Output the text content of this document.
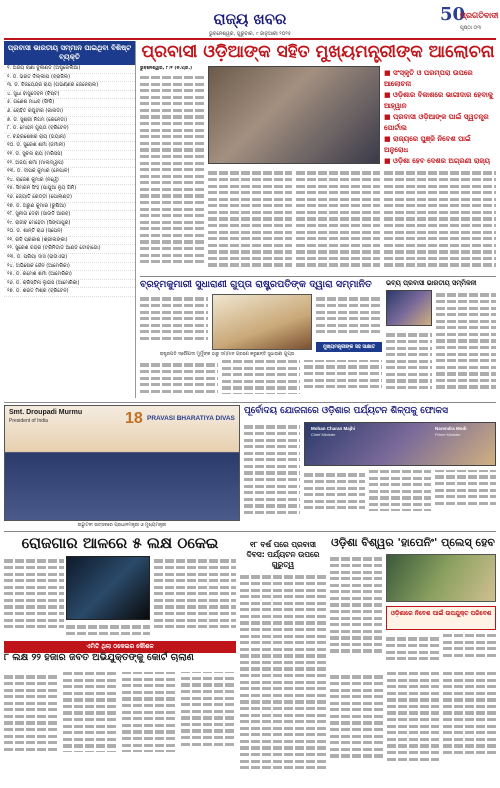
ରାଜ୍ୟ ଖବର
ଭୁବନେଶ୍ୱର, ଗୁରୁବାର, ୯ ଜାନୁଆରୀ ୨୦୨୫
50
ପ୍ରଗତିବାଦୀ
ପୃଷ୍ଠା ୦୩
ପ୍ରବାସୀ ଭାରତୀୟ ସମ୍ମାନ ପାଇଥିବା ବିଶିଷ୍ଟ ବ୍ୟକ୍ତି
୧. ଅଜୟ ରାଣା ବୁଲାଣ୍ଡ (ଅଷ୍ଟ୍ରେଲିଆ)
୨. ଡ. ଭରତ ଦିଲ୍ଲୀପ (ବ୍ରାଜିଲ)
୩. ଡ. ବିଜୟେନ୍ଦ୍ର ରାୟ (ଗଭର୍ଣ୍ଣର ଜେନେରାଲ)
୪. ସୁଧା ବାସୁଦେବନ (ବିଷ୍ଟ)
୫. ଗଣେଶ ମାଧବ (ଫିଜି)
୬. ରୋହିତ ରଘୁବୀର (କାନାଡା)
୭. ଡ. ସୁଶ୍ରୀ ନିଗମ (କେନେଡା)
୮. ଡ. ମୋହନ ଗୁପ୍ତା (ବ୍ରିଟେନ)
୯. ଚନ୍ଦ୍ରଶେଖର ରାୟ (ଗୟାନା)
୧୦. ଡ. ସୁରେଶ ଶର୍ମା (ଜର୍ମାନୀ)
୧୧. ଡ. ସୁଚନା ରାୟ (ମରିସସ)
୧୨. ଅଜୟ ଶର୍ମା (ମାଲଦ୍ୱୀପ)
୧୩. ଡ. ଦୀପକ କୁମାର (ନେପାଳ)
୧୪. ରାଜେଶ କୁମାର (ନର୍ୱେ)
୧୫. ସିମରନ ସିଂହ (ପାପୁଆ ନ୍ୟୁ ଗିନି)
୧୬. ଜ୍ୟୋତି ରେଡ୍ଡୀ (ପୋଲାଣ୍ଡ)
୧୭. ଡ. ଅରୁଣ କୁମାର (ରୁଷିଆ)
୧୮. ସୁନୀତା ଦେବୀ (ସାଉଦି ଆରବ)
୧୯. ରାଜୀବ ମେହେଟା (ସିଙ୍ଗାପୁର)
୨୦. ଡ. ଶାନ୍ତି ରାଓ (ସ୍ପେନ)
୨୧. ରବି ପ୍ରକାଶ (ଶ୍ରୀଲଙ୍କା)
୨୨. ସୁରେଶ ଚନ୍ଦ୍ର (ଟ୍ରିନିଡାଡ ଆଣ୍ଡ ଟୋବାଗୋ)
୨୩. ଡ. ପ୍ରିୟା ଦାସ (ଇଉଏଇ)
୨୪. ଅଭିଷେକ ଜୈନ (ଆମେରିକା)
୨୫. ଡ. ରମେଶ ଶର୍ମା (ଆମେରିକା)
୨୬. ଡ. କ୍ରିସ୍ଟିନା ଲୁଇସ (ଆମେରିକା)
୨୭. ଡ. ଶରତ ମିଶ୍ର (ବ୍ରିଟେନ)
ପ୍ରବାସୀ ଓଡ଼ିଆଙ୍କ ସହିତ ମୁଖ୍ୟମନ୍ତ୍ରୀଙ୍କ ଆଲୋଚନା
ଭୁବନେଶ୍ୱର, ୮।୧ (ନି.ପ୍ର.)
■ ସଂସ୍କୃତି ଓ ପରମ୍ପରା ଉପରେ ଆଲୋଚନା
■ ଓଡ଼ିଶାର ବିକାଶରେ ଭାଗୀଦାର ହେବାକୁ ଆହ୍ୱାନ
■ ପ୍ରବାସୀ ଓଡ଼ିଆଙ୍କ ପାଇଁ ସ୍ୱତନ୍ତ୍ର ପୋର୍ଟାଲ
■ ରାଜ୍ୟରେ ପୁଞ୍ଜି ନିବେଶ ପାଇଁ ଅନୁରୋଧ
■ ଓଡ଼ିଶା ହେବ ଦେଶର ଅଗ୍ରଣୀ ରାଜ୍ୟ
ବ୍ରହ୍ମକୁମାରୀ ସୁଧାରାଣୀ ଗୁପ୍ତା ରାଷ୍ଟ୍ରପତିଙ୍କ ଦ୍ୱାରା ସମ୍ମାନିତ
ମୁଖ୍ୟମନ୍ତ୍ରୀଙ୍କ ସହ ସାକ୍ଷାତ
ରାଷ୍ଟ୍ରପତି ଦ୍ରୌପଦୀ ମୁର୍ମୁଙ୍କ ଠାରୁ ସମ୍ମାନ ଗ୍ରହଣ କରୁଛନ୍ତି ସୁଧାରାଣୀ ଗୁପ୍ତା
ଭବ୍ୟ ପ୍ରବାସୀ ଭାରତୀୟ ସମ୍ମିଳନୀ
Smt. Droupadi Murmu
President of India	18 PRAVASI BHARATIYA DIVAS
ଉଦ୍ଘାଟନୀ ଉତ୍ସବରେ ପ୍ରଧାନମନ୍ତ୍ରୀ ଓ ମୁଖ୍ୟମନ୍ତ୍ରୀ
ପୂର୍ବୋଦୟ ଯୋଜନାରେ ଓଡ଼ିଶାର ପର୍ଯ୍ୟଟନ ଶିଳ୍ପକୁ ଫୋକସ
Mohan Charan Majhi
Chief Minister
Narendra Modi
Prime Minister
ରୋଜଗାର ଆଳରେ ୫ ଲକ୍ଷ ଠକେଇ
ଏମିତି ଥିଲା ଠକେଇର କୌଶଳ
୧୮ ବର୍ଷ ପରେ ପ୍ରବାସୀ ଦିବସ: ପର୍ଯ୍ୟଟନ ଉପରେ ଗୁରୁତ୍ୱ
ଓଡ଼ିଶା ବିଶ୍ୱର 'ହାପେନିଂ' ପ୍ଲେସ୍ ହେବ
ଓଡ଼ିଶାରେ ନିବେଶ ପାଇଁ ଉପଯୁକ୍ତ ପରିବେଶ
୮ ଲକ୍ଷ ୨୨ ହଜାର ଜବତ ଅଭିଯୁକ୍ତଙ୍କୁ କୋର୍ଟ ଚାଲାଣ
